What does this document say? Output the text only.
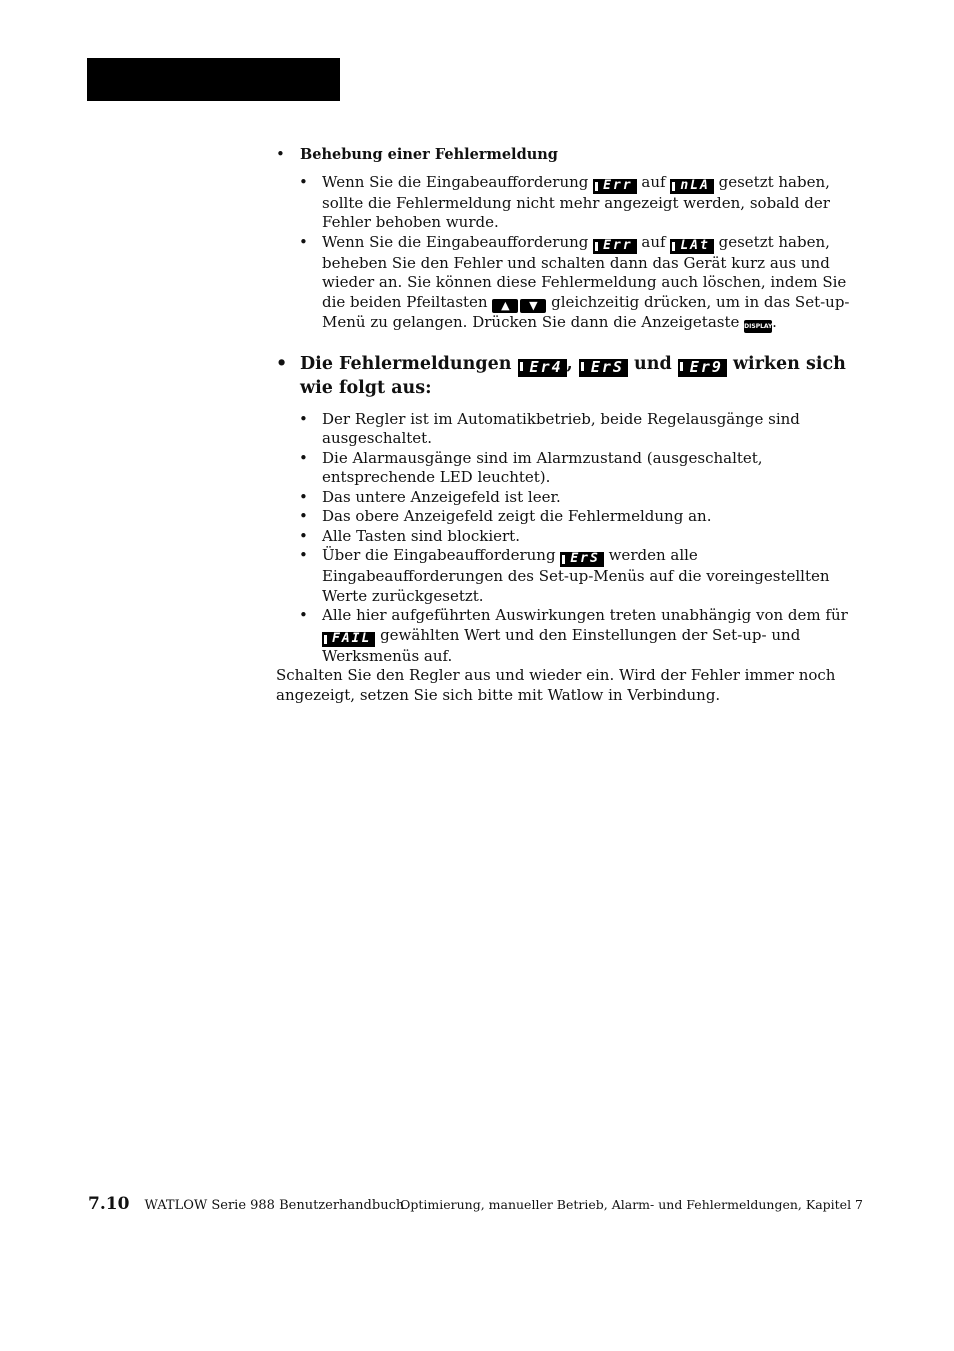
• Behebung einer Fehlermeldung
• Wenn Sie die Eingabeaufforderung Err auf nLA gesetzt haben, sollte die Fehlermeldung nicht mehr angezeigt werden, sobald der Fehler behoben wurde.
• Wenn Sie die Eingabeaufforderung Err auf LAt gesetzt haben, beheben Sie den Fehler und schalten dann das Gerät kurz aus und wieder an. Sie können diese Fehlermeldung auch löschen, indem Sie die beiden Pfeiltasten ▲	▼ gleichzeitig drücken, um in das Set-up-Menü zu gelangen. Drücken Sie dann die Anzeigetaste DISPLAY.
• Die Fehlermeldungen Er4 , ErS und Er9 wirken sich wie folgt aus:
• Der Regler ist im Automatikbetrieb, beide Regelausgänge sind ausgeschaltet.
• Die Alarmausgänge sind im Alarmzustand (ausgeschaltet, entsprechende LED leuchtet).
• Das untere Anzeigefeld ist leer.
• Das obere Anzeigefeld zeigt die Fehlermeldung an.
• Alle Tasten sind blockiert.
• Über die Eingabeaufforderung ErS werden alle Eingabeaufforderungen des Set-up-Menüs auf die voreingestellten Werte zurückgesetzt.
• Alle hier aufgeführten Auswirkungen treten unabhängig von dem für FAIL gewählten Wert und den Einstellungen der Set-up- und Werksmenüs auf.
Schalten Sie den Regler aus und wieder ein. Wird der Fehler immer noch angezeigt, setzen Sie sich bitte mit Watlow in Verbindung.
7.10 WATLOW Serie 988 Benutzerhandbuch
Optimierung, manueller Betrieb, Alarm- und Fehlermeldungen, Kapitel 7
